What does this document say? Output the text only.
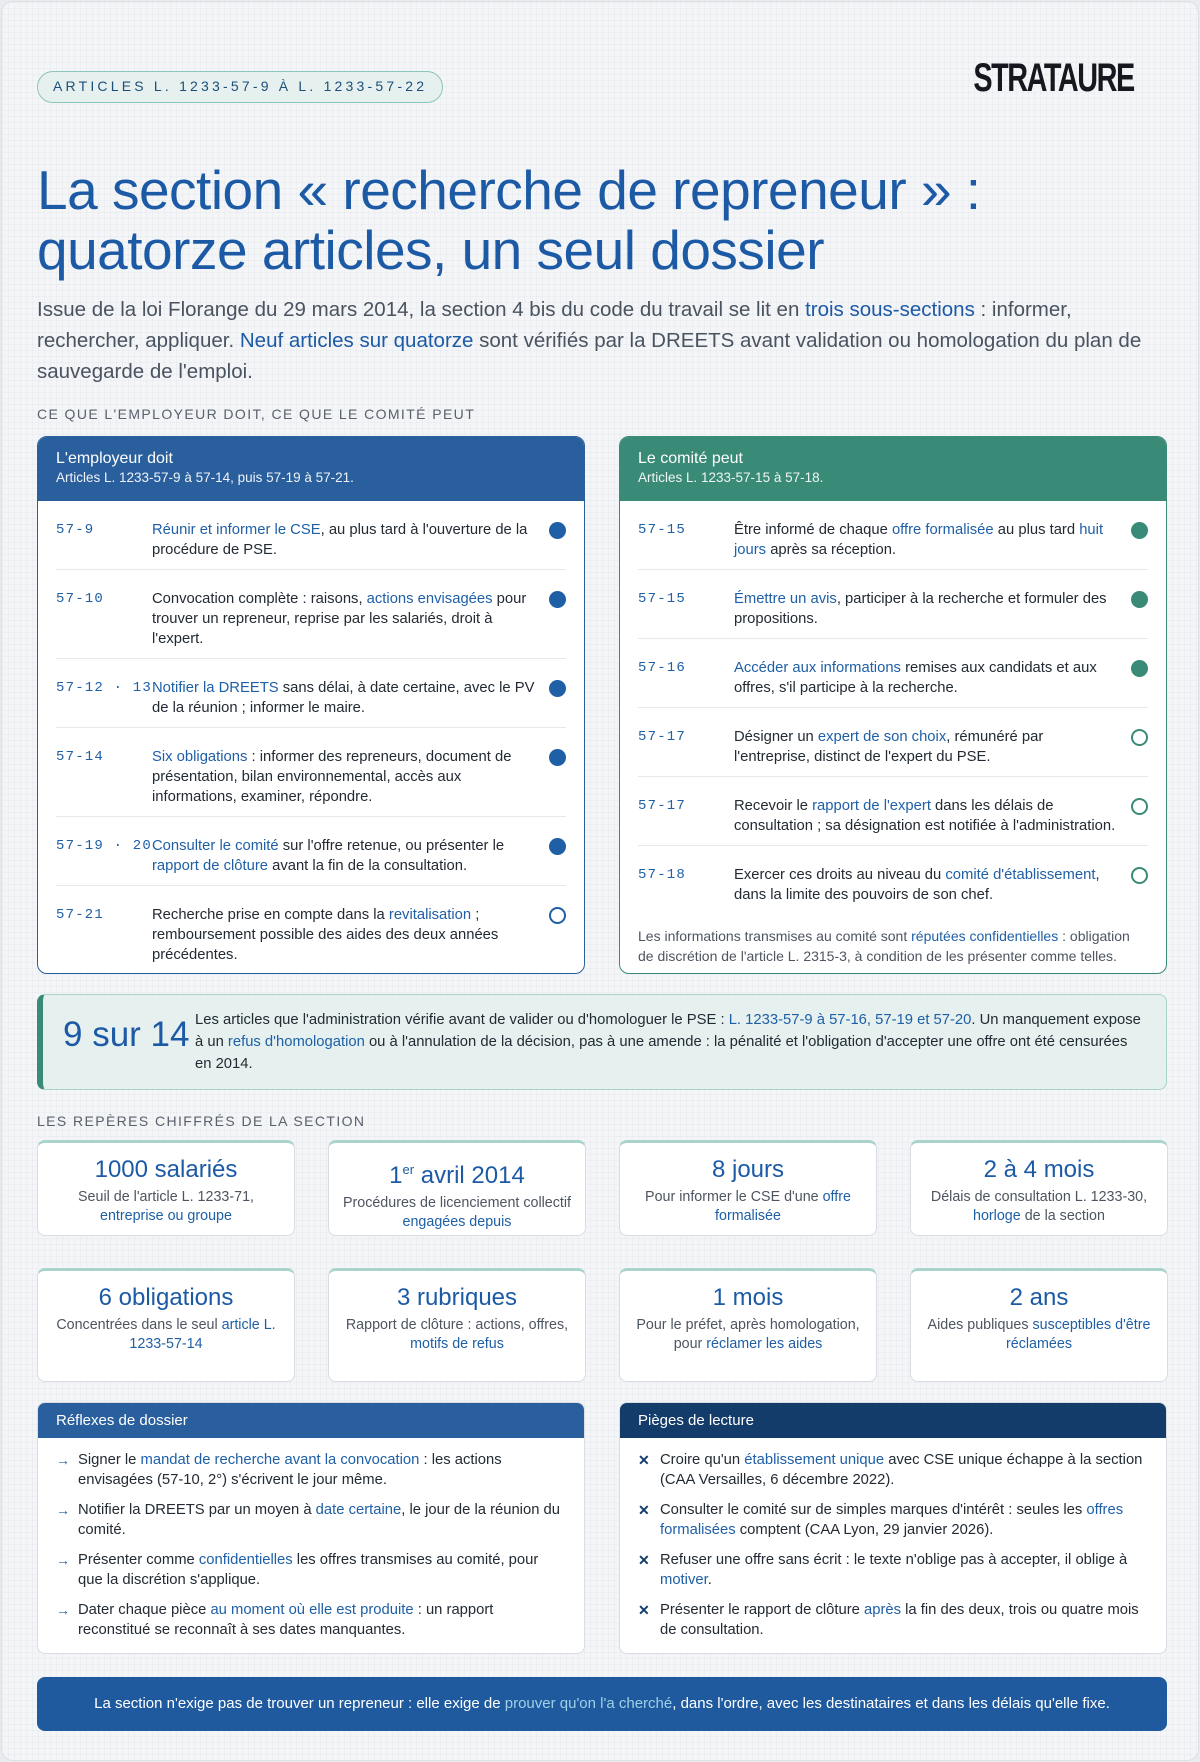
ARTICLES L. 1233-57-9 À L. 1233-57-22	STRATAURE
La section « recherche de repreneur » :
quatorze articles, un seul dossier

Issue de la loi Florange du 29 mars 2014, la section 4 bis du code du travail se lit en trois sous-sections : informer, rechercher, appliquer. Neuf articles sur quatorze sont vérifiés par la DREETS avant validation ou homologation du plan de sauvegarde de l'emploi.

CE QUE L'EMPLOYEUR DOIT, CE QUE LE COMITÉ PEUT
L'employeur doit
Articles L. 1233-57-9 à 57-14, puis 57-19 à 57-21.
57-9	Réunir et informer le CSE, au plus tard à l'ouverture de la procédure de PSE.
57-10	Convocation complète : raisons, actions envisagées pour trouver un repreneur, reprise par les salariés, droit à l'expert.
57-12 · 13 Notifier la DREETS sans délai, à date certaine, avec le PV de la réunion ; informer le maire.
57-14	Six obligations : informer des repreneurs, document de présentation, bilan environnemental, accès aux informations, examiner, répondre.
57-19 · 20 Consulter le comité sur l'offre retenue, ou présenter le rapport de clôture avant la fin de la consultation.
57-21	Recherche prise en compte dans la revitalisation ; remboursement possible des aides des deux années précédentes.
Le comité peut
Articles L. 1233-57-15 à 57-18.
57-15	Être informé de chaque offre formalisée au plus tard huit jours après sa réception.
57-15	Émettre un avis, participer à la recherche et formuler des propositions.
57-16	Accéder aux informations remises aux candidats et aux offres, s'il participe à la recherche.
57-17	Désigner un expert de son choix, rémunéré par l'entreprise, distinct de l'expert du PSE.
57-17	Recevoir le rapport de l'expert dans les délais de consultation ; sa désignation est notifiée à l'administration.
57-18	Exercer ces droits au niveau du comité d'établissement, dans la limite des pouvoirs de son chef.
Les informations transmises au comité sont réputées confidentielles : obligation de discrétion de l'article L. 2315-3, à condition de les présenter comme telles.
9 sur 14 Les articles que l'administration vérifie avant de valider ou d'homologuer le PSE : L. 1233-57-9 à 57-16, 57-19 et 57-20. Un manquement expose à un refus d'homologation ou à l'annulation de la décision, pas à une amende : la pénalité et l'obligation d'accepter une offre ont été censurées en 2014.
LES REPÈRES CHIFFRÉS DE LA SECTION
1000 salariés
Seuil de l'article L. 1233-71,
entreprise ou groupe
1er avril 2014
Procédures de licenciement collectif engagées depuis
8 jours
Pour informer le CSE d'une offre formalisée
2 à 4 mois
Délais de consultation L. 1233-30, horloge de la section
6 obligations
Concentrées dans le seul article L. 1233-57-14
3 rubriques
Rapport de clôture : actions, offres, motifs de refus
1 mois
Pour le préfet, après homologation, pour réclamer les aides
2 ans
Aides publiques susceptibles d'être réclamées
Réflexes de dossier
→ Signer le mandat de recherche avant la convocation : les actions envisagées (57-10, 2°) s'écrivent le jour même.
→ Notifier la DREETS par un moyen à date certaine, le jour de la réunion du comité.
→ Présenter comme confidentielles les offres transmises au comité, pour que la discrétion s'applique.
→ Dater chaque pièce au moment où elle est produite : un rapport reconstitué se reconnaît à ses dates manquantes.
Pièges de lecture
✕ Croire qu'un établissement unique avec CSE unique échappe à la section (CAA Versailles, 6 décembre 2022).
✕ Consulter le comité sur de simples marques d'intérêt : seules les offres formalisées comptent (CAA Lyon, 29 janvier 2026).
✕ Refuser une offre sans écrit : le texte n'oblige pas à accepter, il oblige à motiver.
✕ Présenter le rapport de clôture après la fin des deux, trois ou quatre mois de consultation.
La section n'exige pas de trouver un repreneur : elle exige de prouver qu'on l'a cherché, dans l'ordre, avec les destinataires et dans les délais qu'elle fixe.
